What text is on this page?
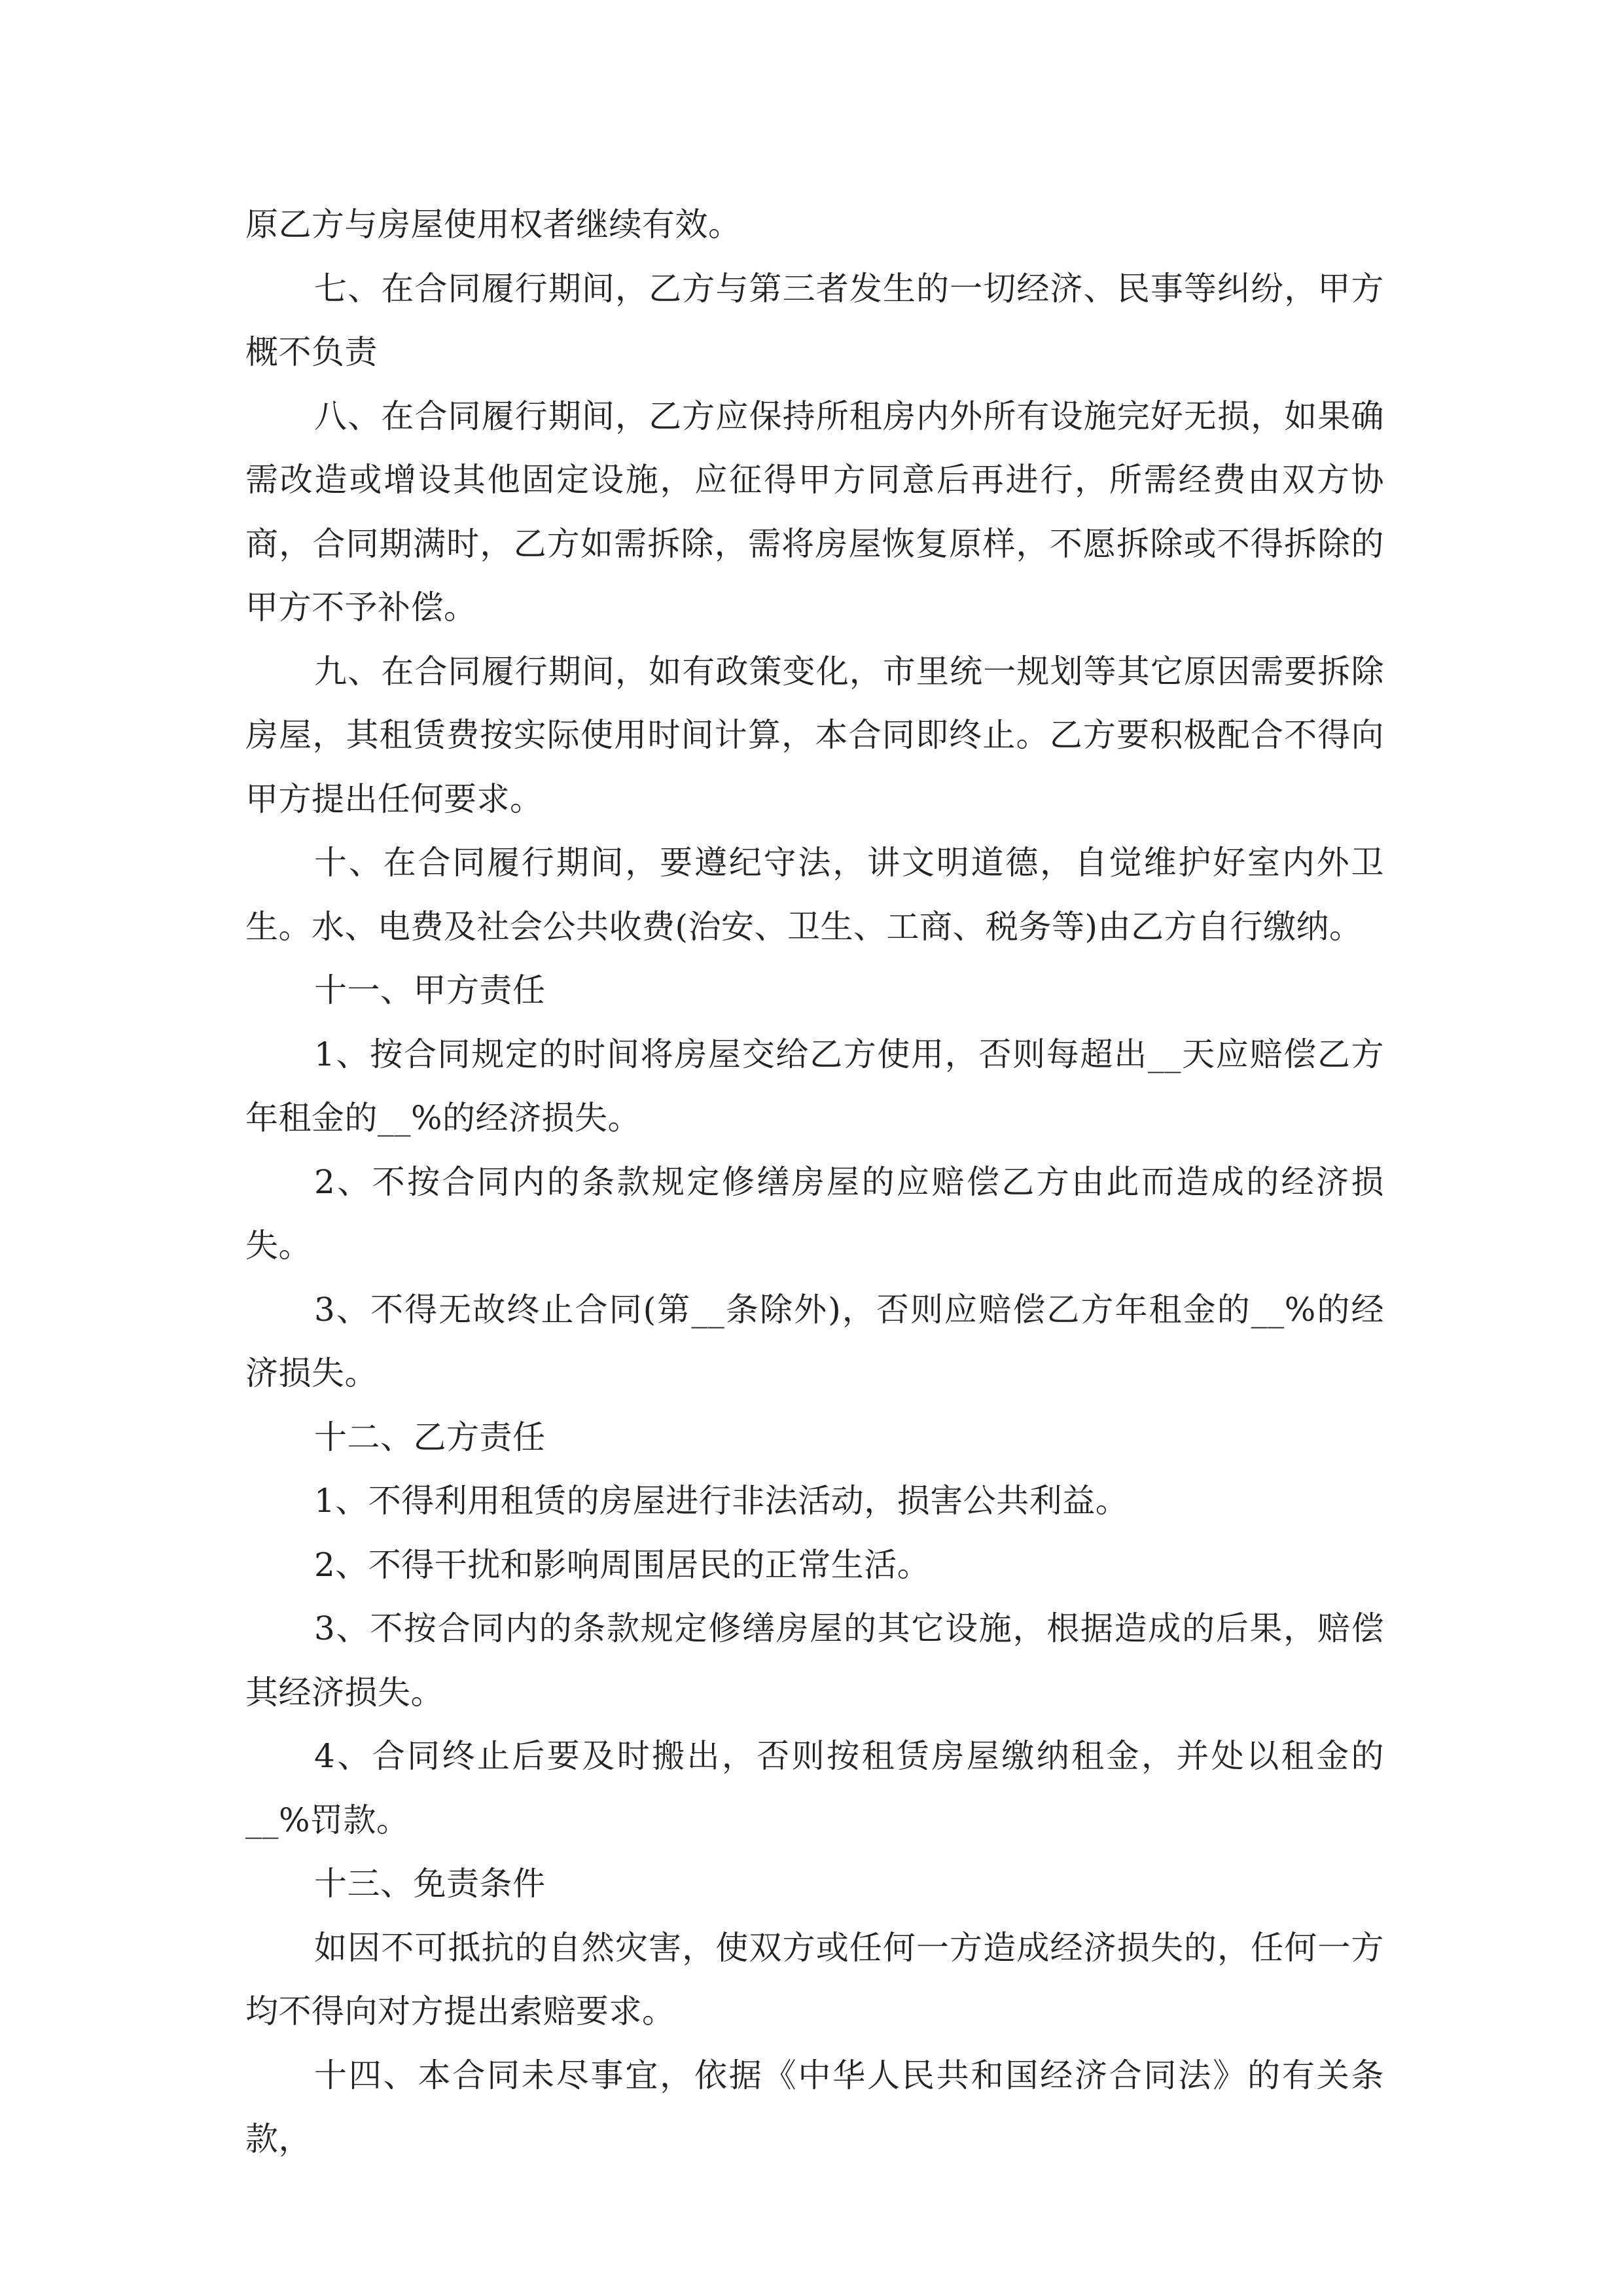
原乙方与房屋使用权者继续有效。

七、在合同履行期间，乙方与第三者发生的一切经济、民事等纠纷，甲方概不负责

八、在合同履行期间，乙方应保持所租房内外所有设施完好无损，如果确需改造或增设其他固定设施，应征得甲方同意后再进行，所需经费由双方协商，合同期满时，乙方如需拆除，需将房屋恢复原样，不愿拆除或不得拆除的甲方不予补偿。

九、在合同履行期间，如有政策变化，市里统一规划等其它原因需要拆除房屋，其租赁费按实际使用时间计算，本合同即终止。乙方要积极配合不得向甲方提出任何要求。

十、在合同履行期间，要遵纪守法，讲文明道德，自觉维护好室内外卫生。水、电费及社会公共收费(治安、卫生、工商、税务等)由乙方自行缴纳。

十一、甲方责任

1、按合同规定的时间将房屋交给乙方使用，否则每超出__天应赔偿乙方年租金的__%的经济损失。

2、不按合同内的条款规定修缮房屋的应赔偿乙方由此而造成的经济损失。

3、不得无故终止合同(第__条除外)，否则应赔偿乙方年租金的__%的经济损失。

十二、乙方责任

1、不得利用租赁的房屋进行非法活动，损害公共利益。

2、不得干扰和影响周围居民的正常生活。

3、不按合同内的条款规定修缮房屋的其它设施，根据造成的后果，赔偿其经济损失。

4、合同终止后要及时搬出，否则按租赁房屋缴纳租金，并处以租金的__%罚款。

十三、免责条件

如因不可抵抗的自然灾害，使双方或任何一方造成经济损失的，任何一方均不得向对方提出索赔要求。

十四、本合同未尽事宜，依据《中华人民共和国经济合同法》的有关条款，
